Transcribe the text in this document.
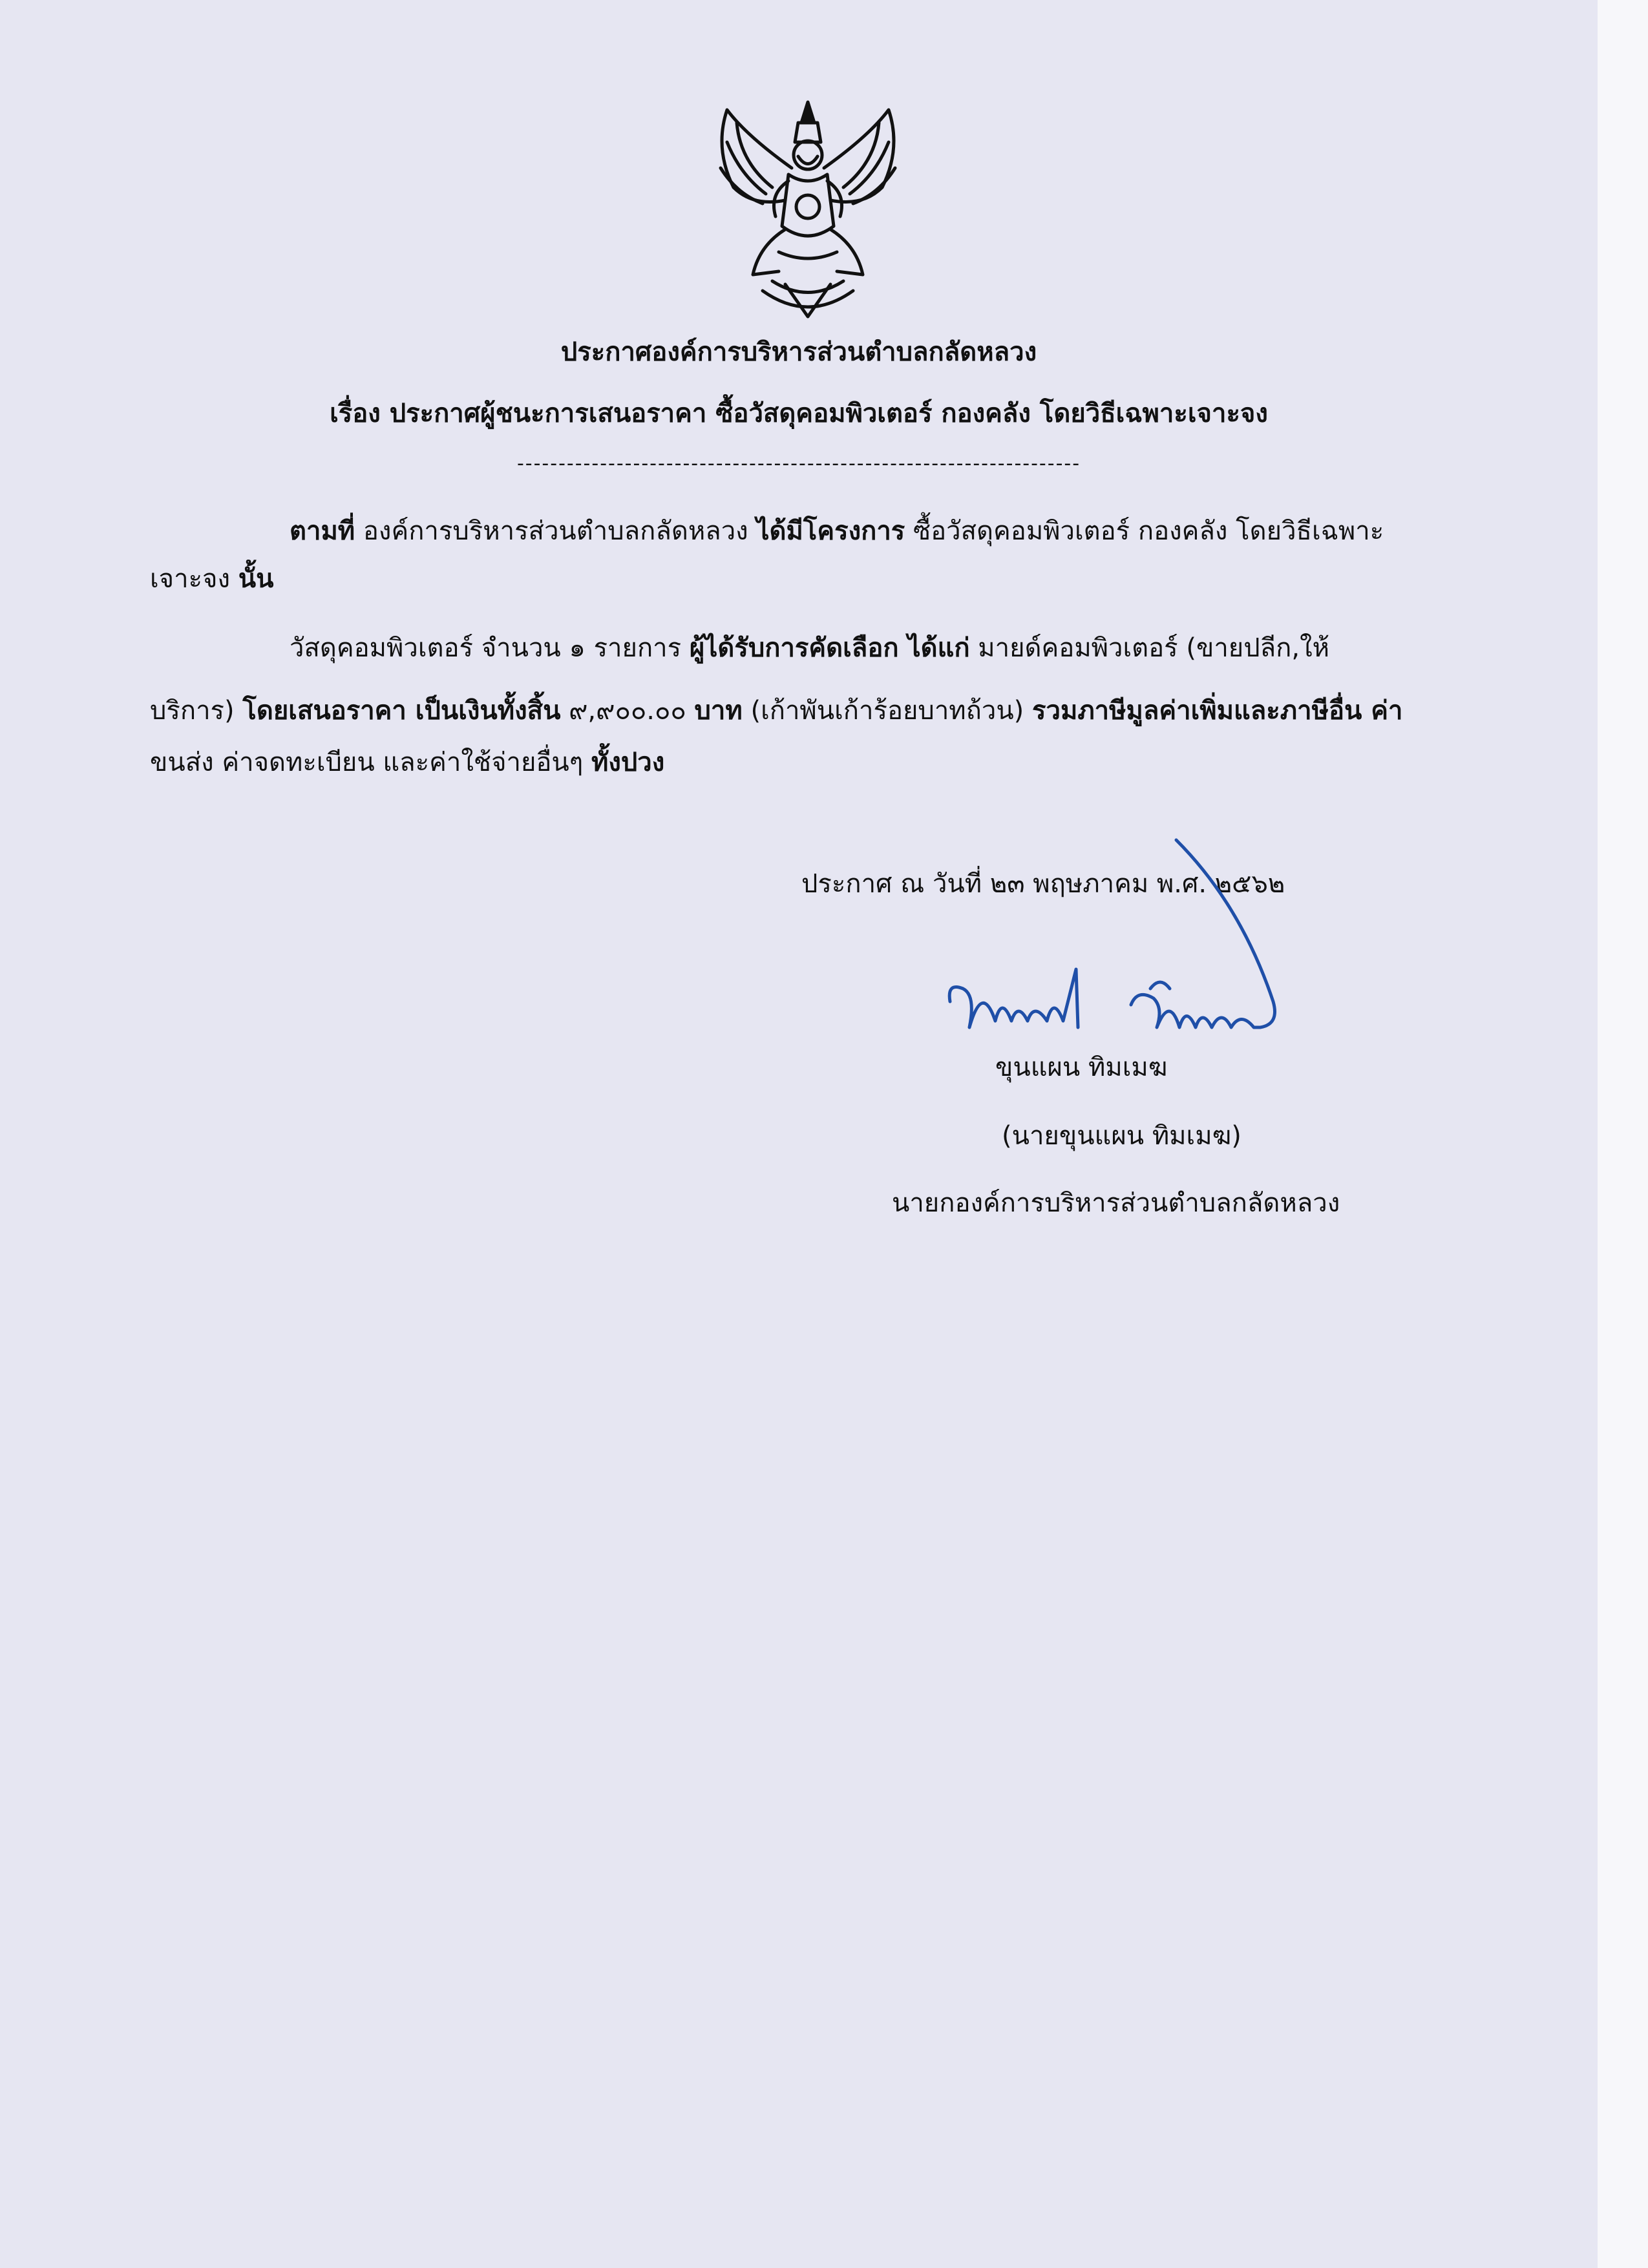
ประกาศองค์การบริหารส่วนตำบลกลัดหลวง
เรื่อง ประกาศผู้ชนะการเสนอราคา ซื้อวัสดุคอมพิวเตอร์ กองคลัง โดยวิธีเฉพาะเจาะจง
--------------------------------------------------------------------
ตามที่ องค์การบริหารส่วนตำบลกลัดหลวง ได้มีโครงการ ซื้อวัสดุคอมพิวเตอร์ กองคลัง โดยวิธีเฉพาะ
เจาะจง นั้น
วัสดุคอมพิวเตอร์ จำนวน ๑ รายการ ผู้ได้รับการคัดเลือก ได้แก่ มายด์คอมพิวเตอร์ (ขายปลีก,ให้
บริการ) โดยเสนอราคา เป็นเงินทั้งสิ้น ๙,๙๐๐.๐๐ บาท (เก้าพันเก้าร้อยบาทถ้วน) รวมภาษีมูลค่าเพิ่มและภาษีอื่น ค่า
ขนส่ง ค่าจดทะเบียน และค่าใช้จ่ายอื่นๆ ทั้งปวง
ประกาศ ณ วันที่ ๒๓ พฤษภาคม พ.ศ. ๒๕๖๒
ขุนแผน ทิมเมฆ
(นายขุนแผน ทิมเมฆ)
นายกองค์การบริหารส่วนตำบลกลัดหลวง
